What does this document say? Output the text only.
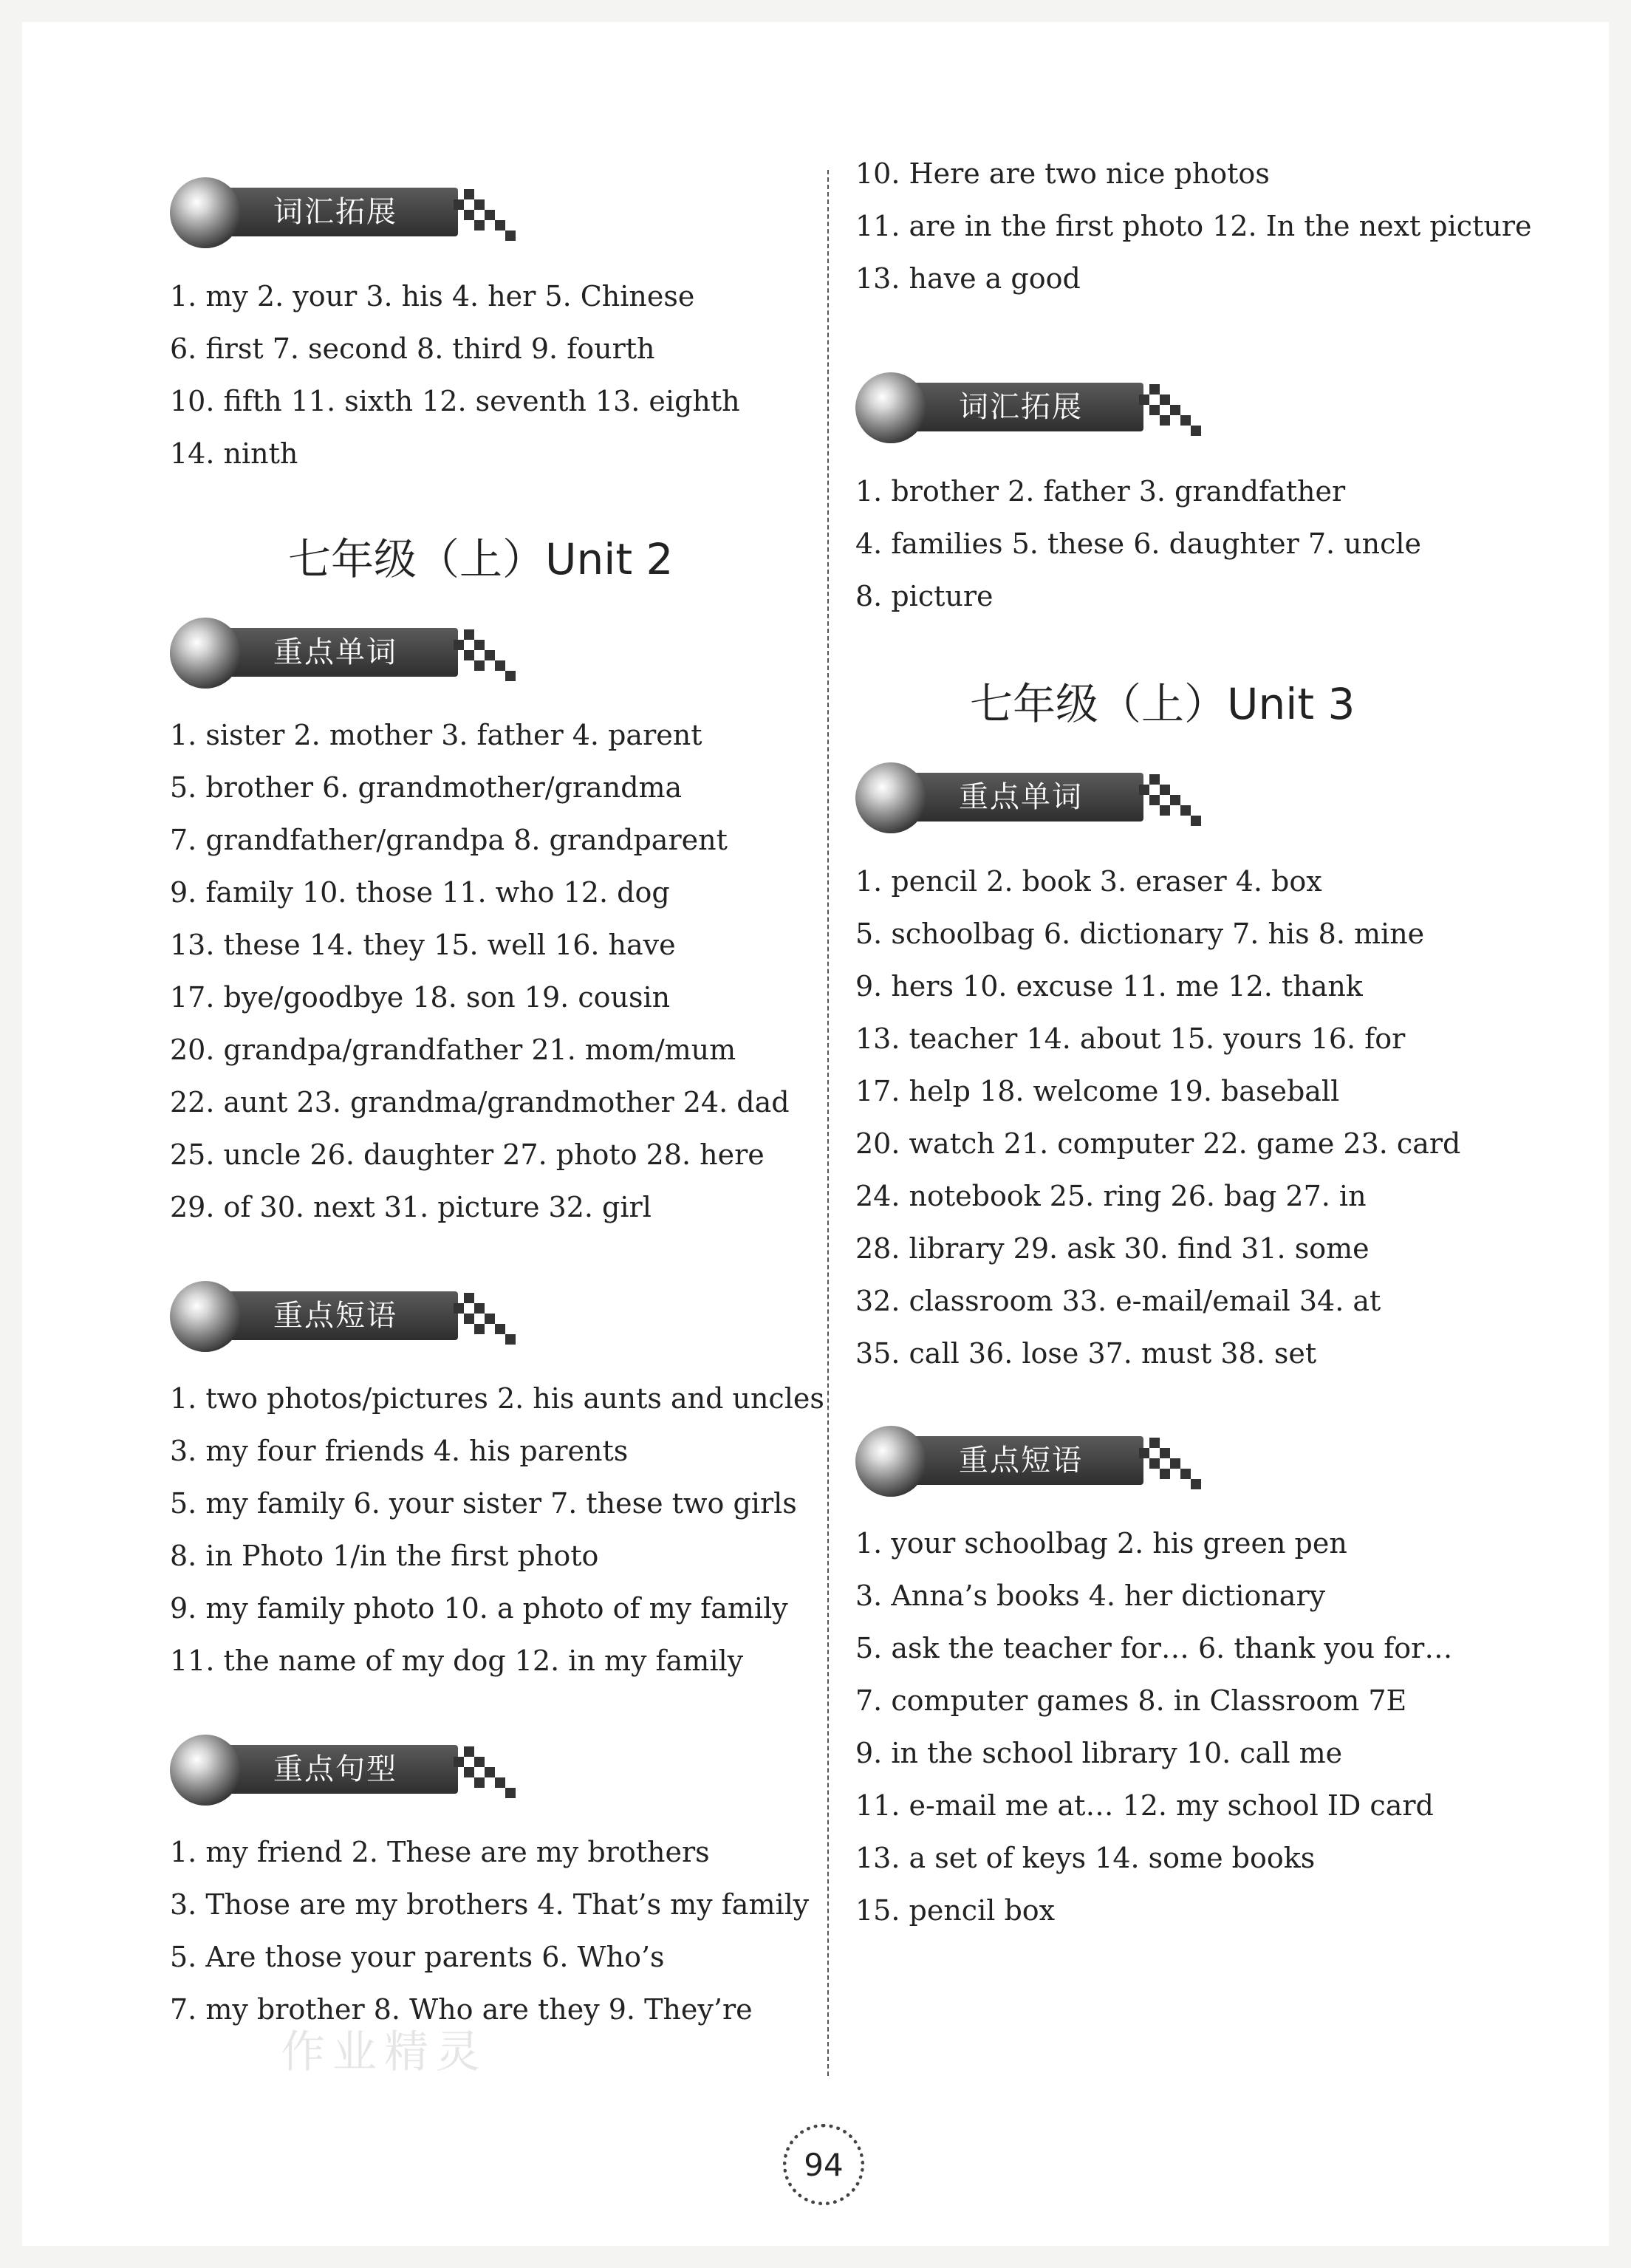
词汇拓展
1. my 2. your 3. his 4. her 5. Chinese
6. first 7. second 8. third 9. fourth
10. fifth 11. sixth 12. seventh 13. eighth
14. ninth
七年级（上）Unit 2
重点单词
1. sister 2. mother 3. father 4. parent
5. brother 6. grandmother/grandma
7. grandfather/grandpa 8. grandparent
9. family 10. those 11. who 12. dog
13. these 14. they 15. well 16. have
17. bye/goodbye 18. son 19. cousin
20. grandpa/grandfather 21. mom/mum
22. aunt 23. grandma/grandmother 24. dad
25. uncle 26. daughter 27. photo 28. here
29. of 30. next 31. picture 32. girl
重点短语
1. two photos/pictures 2. his aunts and uncles
3. my four friends 4. his parents
5. my family 6. your sister 7. these two girls
8. in Photo 1/in the first photo
9. my family photo 10. a photo of my family
11. the name of my dog 12. in my family
重点句型
1. my friend 2. These are my brothers
3. Those are my brothers 4. That’s my family
5. Are those your parents 6. Who’s
7. my brother 8. Who are they 9. They’re
作业精灵
10. Here are two nice photos
11. are in the first photo 12. In the next picture
13. have a good
词汇拓展
1. brother 2. father 3. grandfather
4. families 5. these 6. daughter 7. uncle
8. picture
七年级（上）Unit 3
重点单词
1. pencil 2. book 3. eraser 4. box
5. schoolbag 6. dictionary 7. his 8. mine
9. hers 10. excuse 11. me 12. thank
13. teacher 14. about 15. yours 16. for
17. help 18. welcome 19. baseball
20. watch 21. computer 22. game 23. card
24. notebook 25. ring 26. bag 27. in
28. library 29. ask 30. find 31. some
32. classroom 33. e-mail/email 34. at
35. call 36. lose 37. must 38. set
重点短语
1. your schoolbag 2. his green pen
3. Anna’s books 4. her dictionary
5. ask the teacher for… 6. thank you for…
7. computer games 8. in Classroom 7E
9. in the school library 10. call me
11. e-mail me at… 12. my school ID card
13. a set of keys 14. some books
15. pencil box
94
